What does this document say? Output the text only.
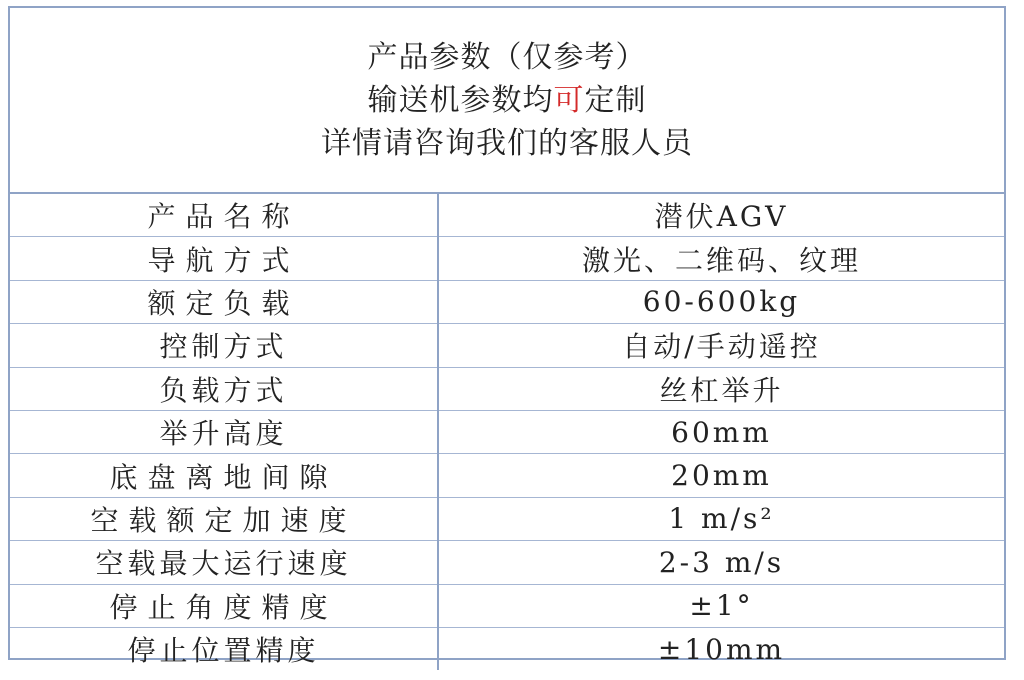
产品参数（仅参考）
输送机参数均可定制
详情请咨询我们的客服人员
产品名称	潜伏AGV
导航方式	激光、二维码、纹理
额定负载	60-600kg
控制方式	自动/手动遥控
负载方式	丝杠举升
举升高度	60mm
底盘离地间隙	20mm
空载额定加速度	1 m/s²
空载最大运行速度	2-3 m/s
停止角度精度	±1°
停止位置精度	±10mm
